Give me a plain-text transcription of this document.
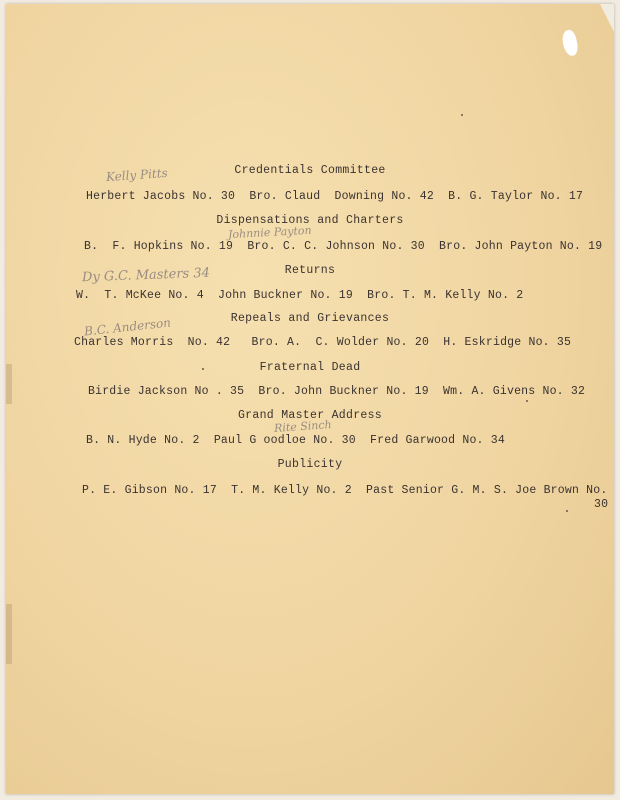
Credentials Committee
Herbert Jacobs No. 30  Bro. Claud  Downing No. 42  B. G. Taylor No. 17
Dispensations and Charters
B.  F. Hopkins No. 19  Bro. C. C. Johnson No. 30  Bro. John Payton No. 19
Returns
W.  T. McKee No. 4  John Buckner No. 19  Bro. T. M. Kelly No. 2
Repeals and Grievances
Charles Morris  No. 42   Bro. A.  C. Wolder No. 20  H. Eskridge No. 35
Fraternal Dead
Birdie Jackson No . 35  Bro. John Buckner No. 19  Wm. A. Givens No. 32
Grand Master Address
B. N. Hyde No. 2  Paul G oodloe No. 30  Fred Garwood No. 34
Publicity
P. E. Gibson No. 17  T. M. Kelly No. 2  Past Senior G. M. S. Joe Brown No.
30
Kelly Pitts
Johnnie Payton
Dy G.C. Masters 34
B.C. Anderson
Rite Sinch
